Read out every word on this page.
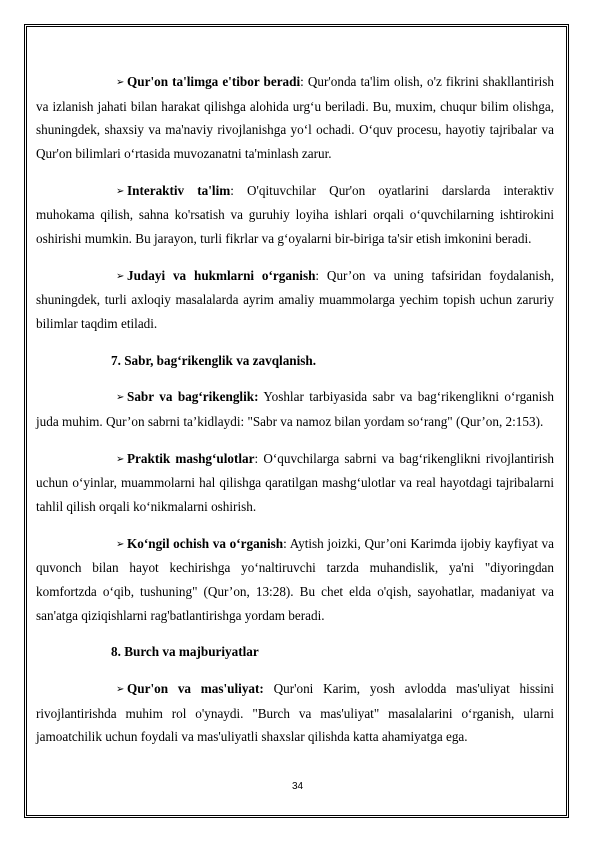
➢ Qur'on ta'limga e'tibor beradi: Qur'onda ta'lim olish, o'z fikrini shakllantirish va izlanish jahati bilan harakat qilishga alohida urg‘u beriladi. Bu, muxim, chuqur bilim olishga, shuningdek, shaxsiy va ma'naviy rivojlanishga yo‘l ochadi. O‘quv procesu, hayotiy tajribalar va Qur'on bilimlari o‘rtasida muvozanatni ta'minlash zarur.

➢ Interaktiv ta'lim: O'qituvchilar Qur'on oyatlarini darslarda interaktiv muhokama qilish, sahna ko'rsatish va guruhiy loyiha ishlari orqali o‘quvchilarning ishtirokini oshirishi mumkin. Bu jarayon, turli fikrlar va g‘oyalarni bir-biriga ta'sir etish imkonini beradi.

➢ Judayi va hukmlarni o‘rganish: Qur’on va uning tafsiridan foydalanish, shuningdek, turli axloqiy masalalarda ayrim amaliy muammolarga yechim topish uchun zaruriy bilimlar taqdim etiladi.

7. Sabr, bag‘rikenglik va zavqlanish.

➢ Sabr va bag‘rikenglik: Yoshlar tarbiyasida sabr va bag‘rikenglikni o‘rganish juda muhim. Qur’on sabrni ta’kidlaydi: "Sabr va namoz bilan yordam so‘rang" (Qur’on, 2:153).

➢ Praktik mashg‘ulotlar: O‘quvchilarga sabrni va bag‘rikenglikni rivojlantirish uchun o‘yinlar, muammolarni hal qilishga qaratilgan mashg‘ulotlar va real hayotdagi tajribalarni tahlil qilish orqali ko‘nikmalarni oshirish.

➢ Ko‘ngil ochish va o‘rganish: Aytish joizki, Qur’oni Karimda ijobiy kayfiyat va quvonch bilan hayot kechirishga yo‘naltiruvchi tarzda muhandislik, ya'ni "diyoringdan komfortzda o‘qib, tushuning" (Qur’on, 13:28). Bu chet elda o'qish, sayohatlar, madaniyat va san'atga qiziqishlarni rag'batlantirishga yordam beradi.

8. Burch va majburiyatlar

➢ Qur'on va mas'uliyat: Qur'oni Karim, yosh avlodda mas'uliyat hissini rivojlantirishda muhim rol o'ynaydi. "Burch va mas'uliyat" masalalarini o‘rganish, ularni jamoatchilik uchun foydali va mas'uliyatli shaxslar qilishda katta ahamiyatga ega.

34
